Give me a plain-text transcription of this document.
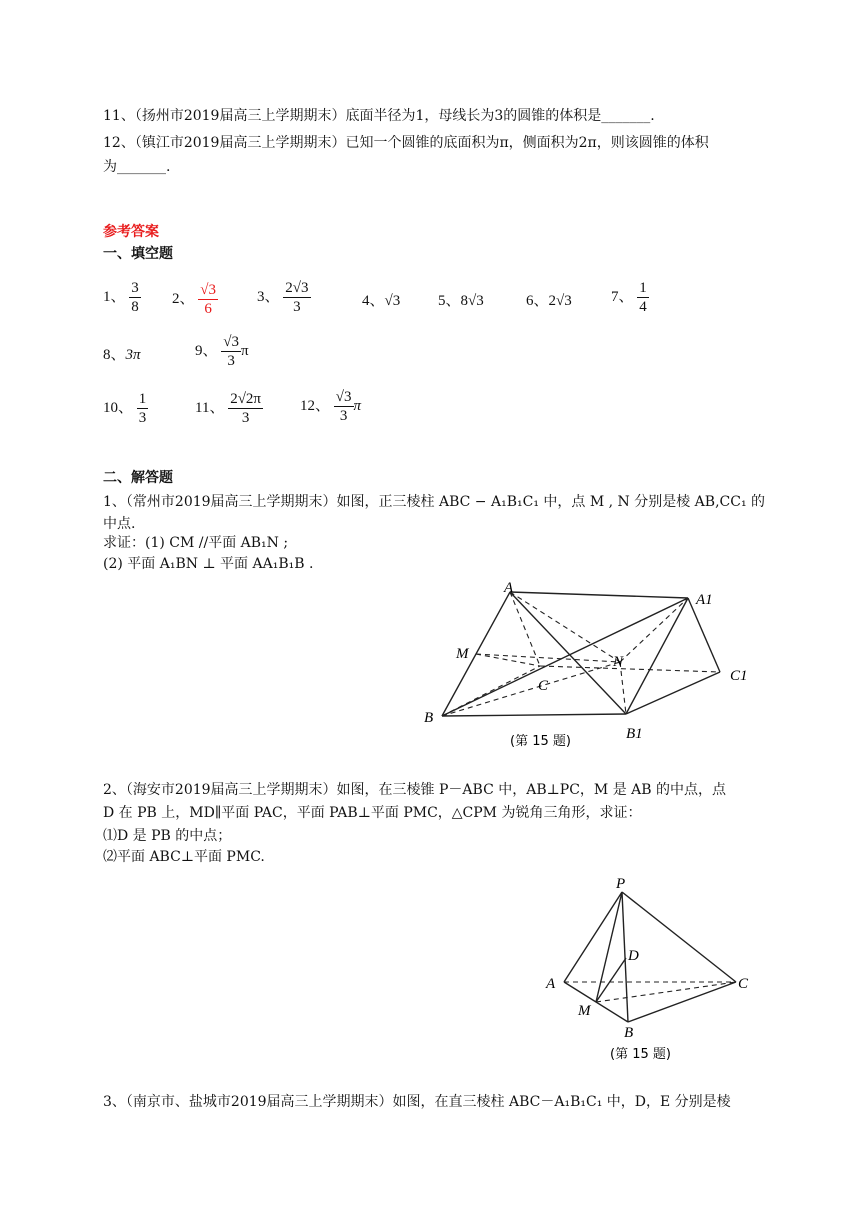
11、（扬州市2019届高三上学期期末）底面半径为1，母线长为3的圆锥的体积是_______.
12、（镇江市2019届高三上学期期末）已知一个圆锥的底面积为π，侧面积为2π，则该圆锥的体积
为_______.
参考答案
一、填空题
1、 $\frac{3}{8} 2$、 $\frac{√3}{6}$	3、 $\frac{2√3}{3}$	4、√3	5、8√3	6、2√3	7、 $\frac{1}{4}$
8、3π	9、 $\frac{√3}{3}$ π
10、 $\frac{1}{3}$	11、 $\frac{2√2\pi}{3} 12$、 $\frac{√3}{3}$ π
二、解答题
1、（常州市2019届高三上学期期末）如图，正三棱柱 ABC − A₁B₁C₁ 中，点 M , N 分别是棱 AB,CC₁ 的
中点.
求证：(1) CM //平面 AB₁N ;
(2) 平面 A₁BN ⊥ 平面 AA₁B₁B .
A
A1
M	N
C
C1
B
B1
(第 15 题)
2、（海安市2019届高三上学期期末）如图，在三棱锥 P－ABC 中，AB⊥PC，M 是 AB 的中点，点
D 在 PB 上，MD∥平面 PAC，平面 PAB⊥平面 PMC，△CPM 为锐角三角形，求证：
⑴D 是 PB 的中点；
⑵平面 ABC⊥平面 PMC.
P
D
A	C
M
B
(第 15 题)
3、（南京市、盐城市2019届高三上学期期末）如图，在直三棱柱 ABC－A₁B₁C₁ 中，D，E 分别是棱
